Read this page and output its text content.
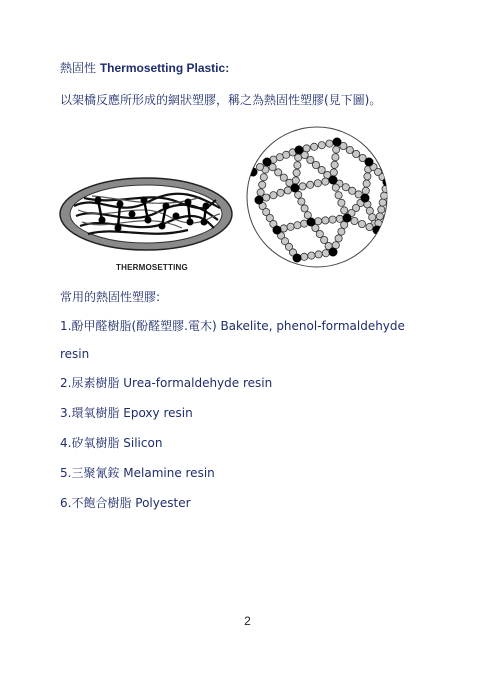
熱固性 Thermosetting Plastic:
以架橋反應所形成的網狀塑膠，稱之為熱固性塑膠(見下圖)。
THERMOSETTING
常用的熱固性塑膠:
1.酚甲醛樹脂(酚醛塑膠.電木) Bakelite, phenol-formaldehyde
resin
2.尿素樹脂 Urea-formaldehyde resin
3.環氧樹脂 Epoxy resin
4.矽氧樹脂 Silicon
5.三聚氰銨 Melamine resin
6.不飽合樹脂 Polyester
2
